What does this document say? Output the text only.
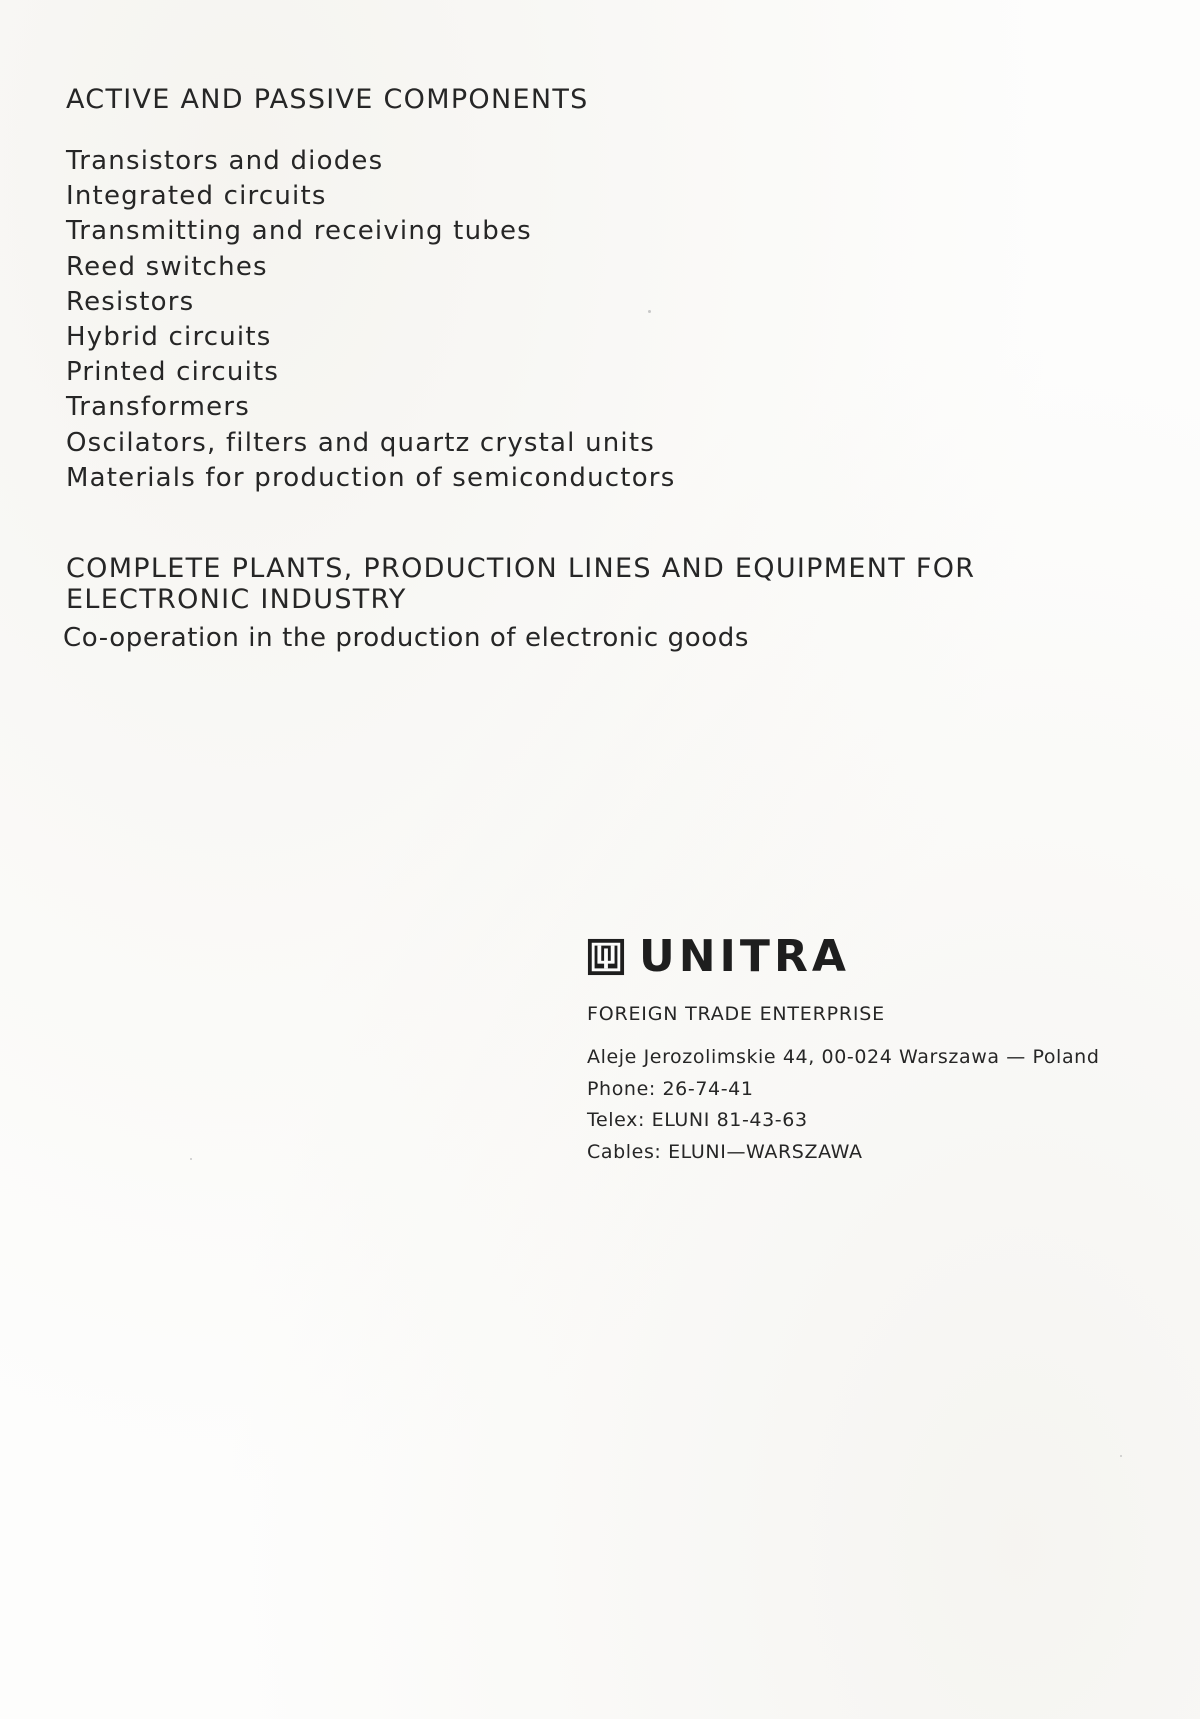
ACTIVE AND PASSIVE COMPONENTS
Transistors and diodes
Integrated circuits
Transmitting and receiving tubes
Reed switches
Resistors
Hybrid circuits
Printed circuits
Transformers
Oscilators, filters and quartz crystal units
Materials for production of semiconductors
COMPLETE PLANTS, PRODUCTION LINES AND EQUIPMENT FOR ELECTRONIC INDUSTRY
Co-operation in the production of electronic goods
UNITRA
FOREIGN TRADE ENTERPRISE
Aleje Jerozolimskie 44, 00-024 Warszawa — Poland
Phone: 26-74-41
Telex: ELUNI 81-43-63
Cables: ELUNI—WARSZAWA
